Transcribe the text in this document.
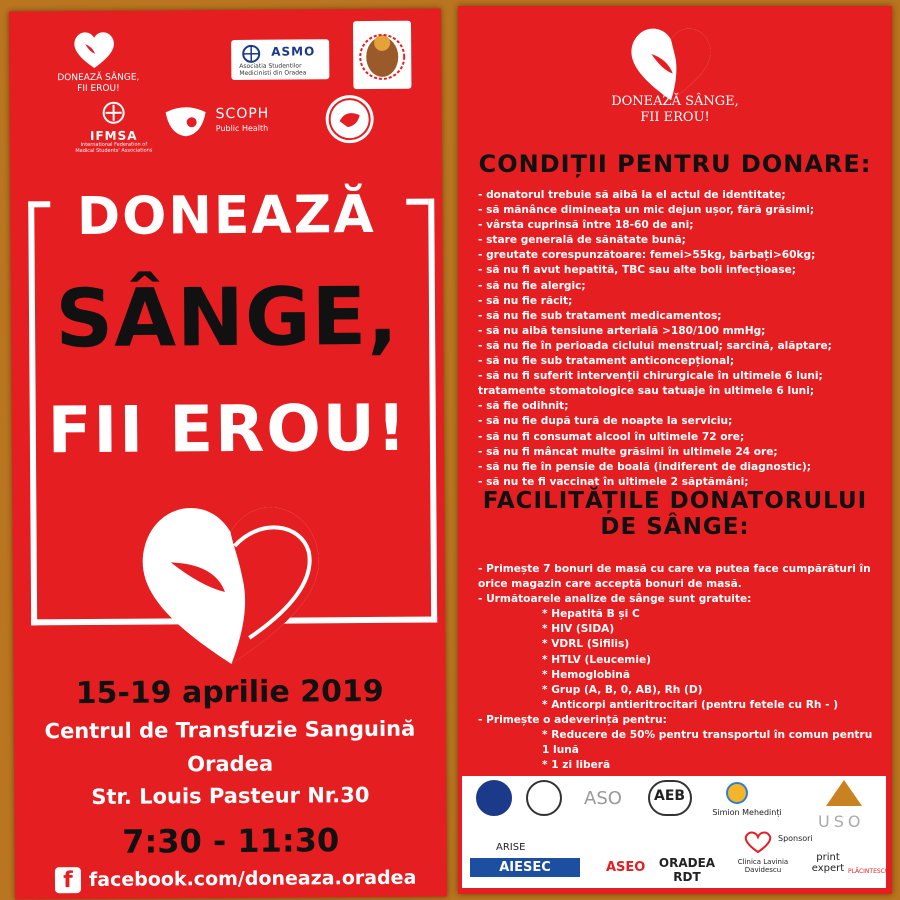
DONEAZĂ SÂNGE,
FII EROU!
ASMO
Asociatia Studentilor Medicinisti din Oradea
IFMSA
International Federation of Medical Students' Associations
SCOPH
Public Health
DONEAZĂ
SÂNGE,
FII EROU!
15-19 aprilie 2019
Centrul de Transfuzie Sanguină
Oradea
Str. Louis Pasteur Nr.30
7:30 - 11:30
f facebook.com/doneaza.oradea
DONEAZĂ SÂNGE,
FII EROU!
CONDIȚII PENTRU DONARE:
- donatorul trebuie să aibă la el actul de identitate;
- să mănânce dimineața un mic dejun ușor, fără grăsimi;
- vârsta cuprinsă între 18-60 de ani;
- stare generală de sănătate bună;
- greutate corespunzătoare: femei>55kg, bărbați>60kg;
- să nu fi avut hepatită, TBC sau alte boli infecțioase;
- să nu fie alergic;
- să nu fie răcit;
- să nu fie sub tratament medicamentos;
- să nu aibă tensiune arterială >180/100 mmHg;
- să nu fie în perioada ciclului menstrual; sarcină, alăptare;
- să nu fie sub tratament anticoncepțional;
- să nu fi suferit intervenții chirurgicale în ultimele 6 luni; tratamente stomatologice sau tatuaje în ultimele 6 luni;
- să fie odihnit;
- să nu fie după tură de noapte la serviciu;
- să nu fi consumat alcool în ultimele 72 ore;
- să nu fi mâncat multe grăsimi în ultimele 24 ore;
- să nu fie în pensie de boală (indiferent de diagnostic);
- să nu te fi vaccinat în ultimele 2 săptămâni;
FACILITĂȚILE DONATORULUI
DE SÂNGE:

- Primește 7 bonuri de masă cu care va putea face cumpărături în orice magazin care acceptă bonuri de masă.

- Următoarele analize de sânge sunt gratuite:

* Hepatită B și C

* HIV (SIDA)

* VDRL (Sifilis)

* HTLV (Leucemie)

* Hemoglobină

* Grup (A, B, 0, AB), Rh (D)

* Anticorpi antieritrocitari (pentru fetele cu Rh - )

- Primește o adeverință pentru:

* Reducere de 50% pentru transportul în comun pentru 1 lună

* 1 zi liberă

ASO AEB
Simion Mehedinți	USO
ARISE
AIESEC	ASEO	ORADEA RDT
Sponsori
Clinica Lavinia Davidescu
print expert PLĂCINTESCU
